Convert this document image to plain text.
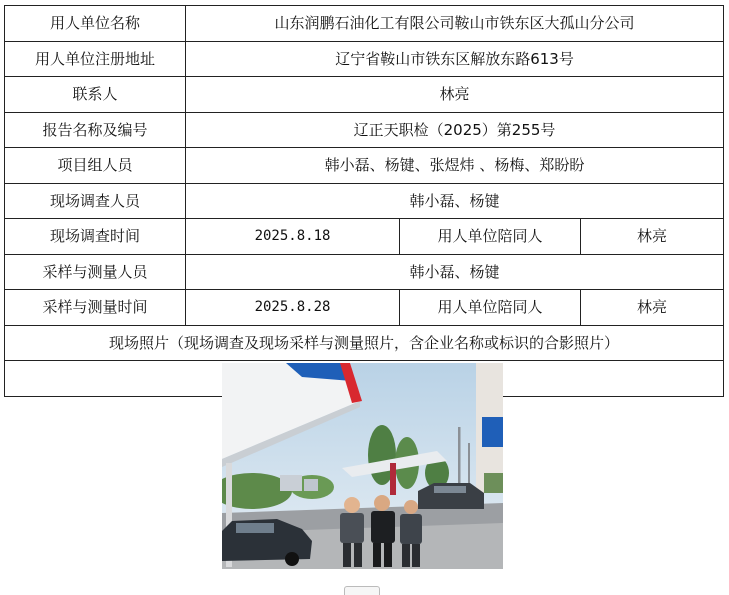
用人单位名称	山东润鹏石油化工有限公司鞍山市铁东区大孤山分公司		
用人单位注册地址	辽宁省鞍山市铁东区解放东路613号		
联系人	林亮		
报告名称及编号	辽正天职检（2025）第255号		
项目组人员	韩小磊、杨键、张煜炜 、杨梅、郑盼盼		
现场调查人员	韩小磊、杨键		
现场调查时间	2025.8.18	用人单位陪同人	林亮
采样与测量人员	韩小磊、杨键		
采样与测量时间	2025.8.28	用人单位陪同人	林亮
现场照片（现场调查及现场采样与测量照片，含企业名称或标识的合影照片）			
